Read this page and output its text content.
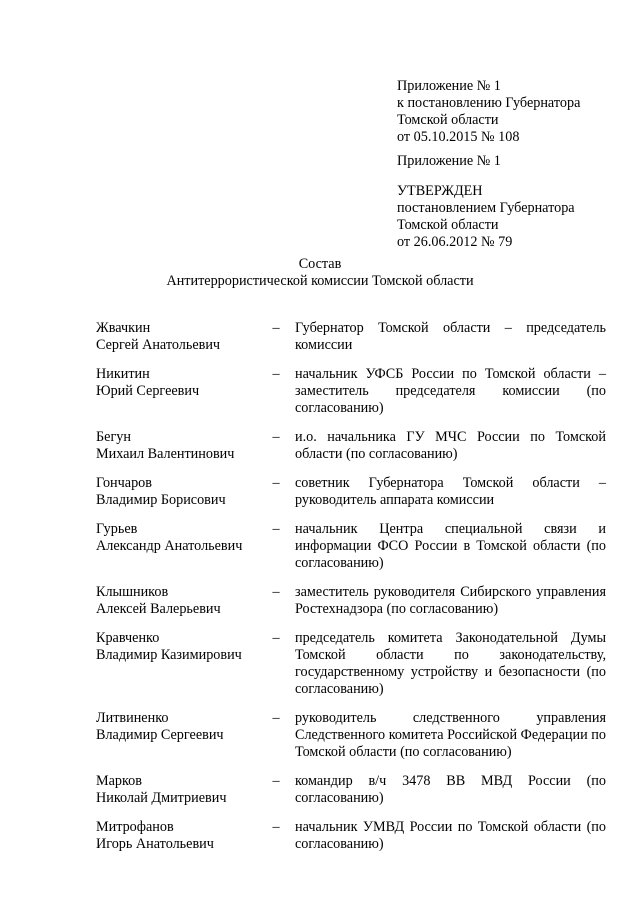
Приложение № 1
к постановлению Губернатора
Томской области
от 05.10.2015 № 108
Приложение № 1
УТВЕРЖДЕН
постановлением Губернатора
Томской области
от 26.06.2012 № 79
Состав
Антитеррористической комиссии Томской области
Жвачкин
Сергей Анатольевич
– Губернатор Томской области – председатель комиссии
Никитин
Юрий Сергеевич
– начальник УФСБ России по Томской области – заместитель председателя комиссии (по согласованию)
Бегун
Михаил Валентинович
– и.о. начальника ГУ МЧС России по Томской области (по согласованию)
Гончаров
Владимир Борисович
– советник Губернатора Томской области – руководитель аппарата комиссии
Гурьев
Александр Анатольевич
– начальник Центра специальной связи и информации ФСО России в Томской области (по согласованию)
Клышников
Алексей Валерьевич
– заместитель руководителя Сибирского управления Ростехнадзора (по согласованию)
Кравченко
Владимир Казимирович
– председатель комитета Законодательной Думы Томской области по законодательству, государственному устройству и безопасности (по согласованию)
Литвиненко
Владимир Сергеевич
– руководитель следственного управления Следственного комитета Российской Федерации по Томской области (по согласованию)
Марков
Николай Дмитриевич
– командир в/ч 3478 ВВ МВД России (по согласованию)
Митрофанов
Игорь Анатольевич
– начальник УМВД России по Томской области (по согласованию)
